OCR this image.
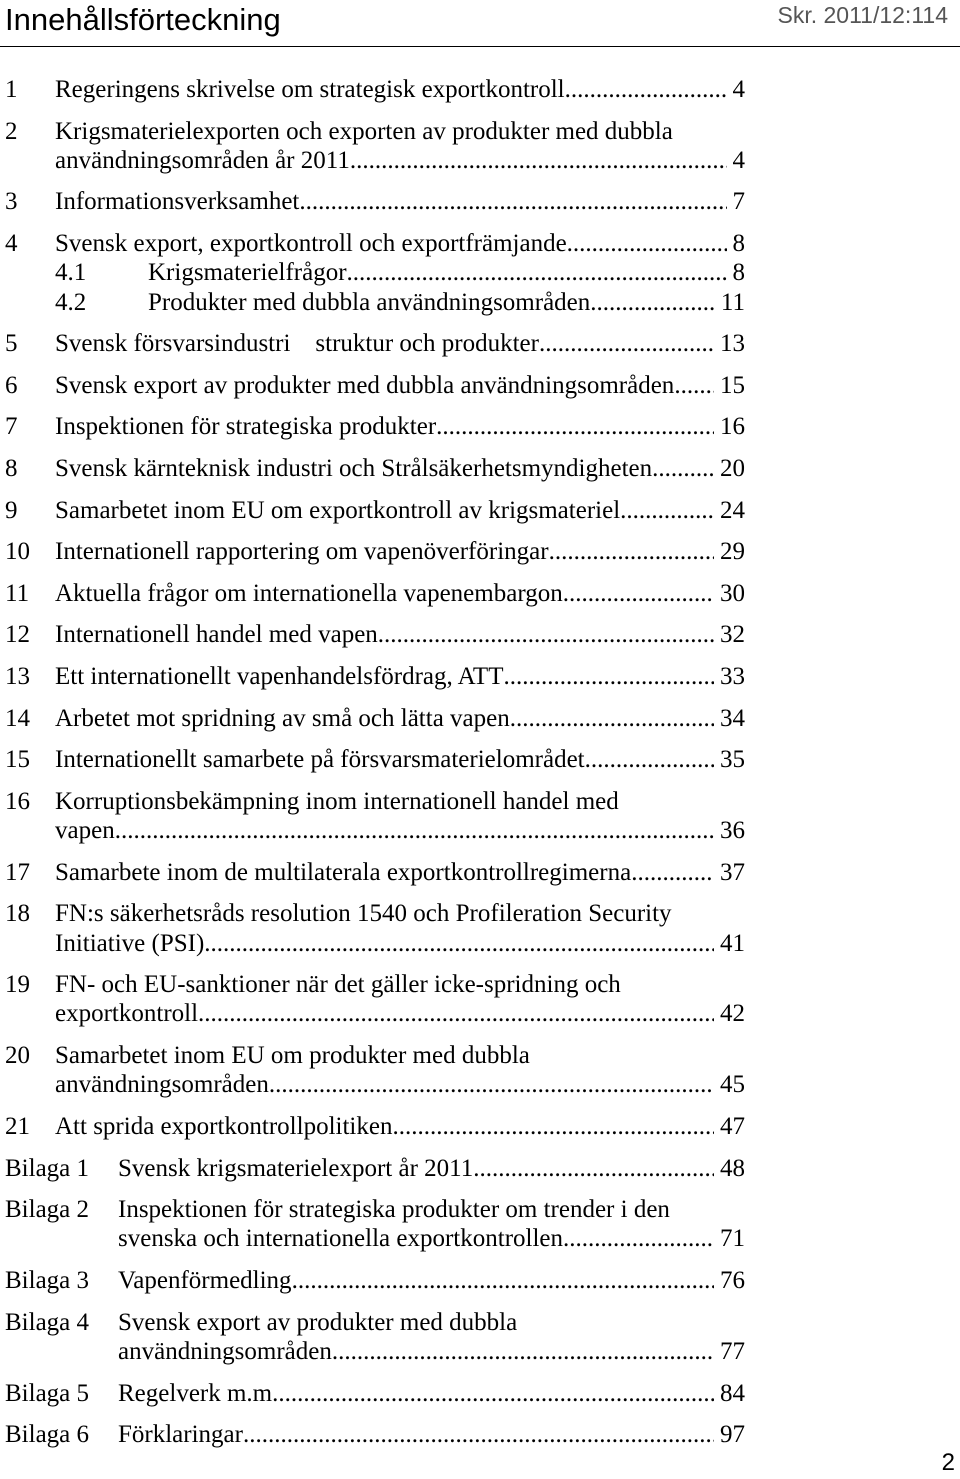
Innehållsförteckning	Skr. 2011/12:114
1 Regeringens skrivelse om strategisk exportkontroll .....	4
2 Krigsmaterielexporten och exporten av produkter med dubbla
användningsområden år 2011 .....	4
3 Informationsverksamhet .....	7
4 Svensk export, exportkontroll och exportfrämjande .....	8
4.1 Krigsmaterielfrågor .....	8
4.2 Produkter med dubbla användningsområden .....	11
5 Svensk försvarsindustri    struktur och produkter .....	13
6 Svensk export av produkter med dubbla användningsområden ..... 15
7 Inspektionen för strategiska produkter .....	16
8 Svensk kärnteknisk industri och Strålsäkerhetsmyndigheten .....	20
9 Samarbetet inom EU om exportkontroll av krigsmateriel .....	24
10 Internationell rapportering om vapenöverföringar .....	29
11 Aktuella frågor om internationella vapenembargon .....	30
12 Internationell handel med vapen .....	32
13 Ett internationellt vapenhandelsfördrag, ATT .....	33
14 Arbetet mot spridning av små och lätta vapen .....	34
15 Internationellt samarbete på försvarsmaterielområdet .....	35
16 Korruptionsbekämpning inom internationell handel med
vapen .....	36
17 Samarbete inom de multilaterala exportkontrollregimerna .....	37
18 FN:s säkerhetsråds resolution 1540 och Profileration Security
Initiative (PSI) .....	41
19 FN- och EU-sanktioner när det gäller icke-spridning och
exportkontroll .....	42
20 Samarbetet inom EU om produkter med dubbla
användningsområden .....	45
21 Att sprida exportkontrollpolitiken .....	47
Bilaga 1 Svensk krigsmaterielexport år 2011 .....	48
Bilaga 2 Inspektionen för strategiska produkter om trender i den
svenska och internationella exportkontrollen .....	71
Bilaga 3 Vapenförmedling .....	76
Bilaga 4 Svensk export av produkter med dubbla
användningsområden .....	77
Bilaga 5 Regelverk m.m .....	84
Bilaga 6 Förklaringar .....	97
2
